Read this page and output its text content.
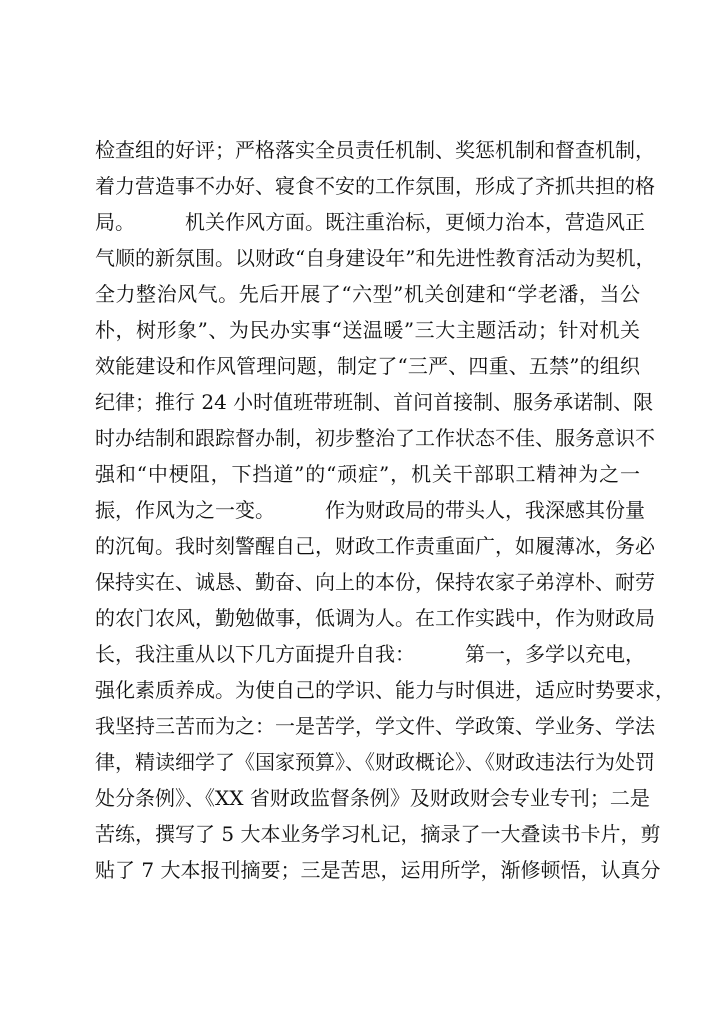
检查组的好评；严格落实全员责任机制、奖惩机制和督查机制，
着力营造事不办好、寝食不安的工作氛围，形成了齐抓共担的格
局。　　　机关作风方面。既注重治标，更倾力治本，营造风正
气顺的新氛围。以财政“自身建设年”和先进性教育活动为契机，
全力整治风气。先后开展了“六型”机关创建和“学老潘，当公
朴，树形象”、为民办实事“送温暖”三大主题活动；针对机关
效能建设和作风管理问题，制定了“三严、四重、五禁”的组织
纪律；推行 24 小时值班带班制、首问首接制、服务承诺制、限
时办结制和跟踪督办制，初步整治了工作状态不佳、服务意识不
强和“中梗阻，下挡道”的“顽症”，机关干部职工精神为之一
振，作风为之一变。　　　作为财政局的带头人，我深感其份量
的沉甸。我时刻警醒自己，财政工作责重面广，如履薄冰，务必
保持实在、诚恳、勤奋、向上的本份，保持农家子弟淳朴、耐劳
的农门农风，勤勉做事，低调为人。在工作实践中，作为财政局
长，我注重从以下几方面提升自我：　　　第一，多学以充电，
强化素质养成。为使自己的学识、能力与时俱进，适应时势要求，
我坚持三苦而为之：一是苦学，学文件、学政策、学业务、学法
律，精读细学了《国家预算》、《财政概论》、《财政违法行为处罚
处分条例》、《XX 省财政监督条例》及财政财会专业专刊；二是
苦练，撰写了 5 大本业务学习札记，摘录了一大叠读书卡片，剪
贴了 7 大本报刊摘要；三是苦思，运用所学，渐修顿悟，认真分
